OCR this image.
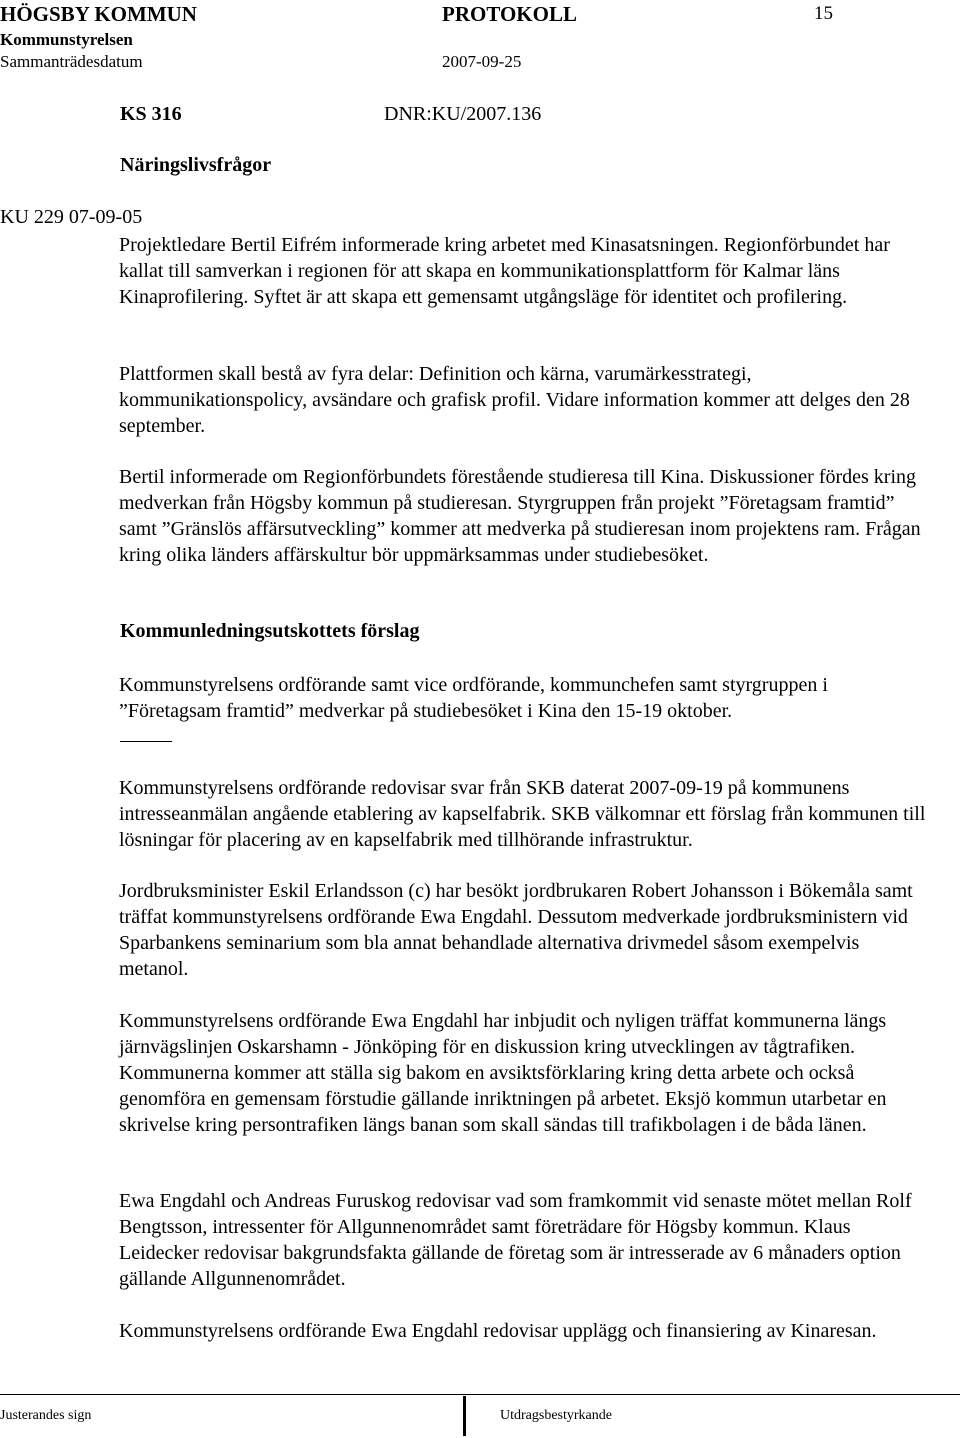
HÖGSBY KOMMUN	PROTOKOLL	15
Kommunstyrelsen
Sammanträdesdatum	2007-09-25
KS 316	DNR:KU/2007.136
Näringslivsfrågor
KU 229 07-09-05
Projektledare Bertil Eifrém informerade kring arbetet med Kinasatsningen. Regionförbundet har kallat till samverkan i regionen för att skapa en kommunikationsplattform för Kalmar läns Kinaprofilering. Syftet är att skapa ett gemensamt utgångsläge för identitet och profilering.
Plattformen skall bestå av fyra delar: Definition och kärna, varumärkesstrategi, kommunikationspolicy, avsändare och grafisk profil. Vidare information kommer att delges den 28 september.
Bertil informerade om Regionförbundets förestående studieresa till Kina. Diskussioner fördes kring medverkan från Högsby kommun på studieresan. Styrgruppen från projekt ”Företagsam framtid” samt ”Gränslös affärsutveckling” kommer att medverka på studieresan inom projektens ram. Frågan kring olika länders affärskultur bör uppmärksammas under studiebesöket.
Kommunledningsutskottets förslag
Kommunstyrelsens ordförande samt vice ordförande, kommunchefen samt styrgruppen i ”Företagsam framtid” medverkar på studiebesöket i Kina den 15-19 oktober.
Kommunstyrelsens ordförande redovisar svar från SKB daterat 2007-09-19 på kommunens intresseanmälan angående etablering av kapselfabrik. SKB välkomnar ett förslag från kommunen till lösningar för placering av en kapselfabrik med tillhörande infrastruktur.
Jordbruksminister Eskil Erlandsson (c) har besökt jordbrukaren Robert Johansson i Bökemåla samt träffat kommunstyrelsens ordförande Ewa Engdahl. Dessutom medverkade jordbruksministern vid Sparbankens seminarium som bla annat behandlade alternativa drivmedel såsom exempelvis metanol.
Kommunstyrelsens ordförande Ewa Engdahl har inbjudit och nyligen träffat kommunerna längs järnvägslinjen Oskarshamn - Jönköping för en diskussion kring utvecklingen av tågtrafiken. Kommunerna kommer att ställa sig bakom en avsiktsförklaring kring detta arbete och också genomföra en gemensam förstudie gällande inriktningen på arbetet. Eksjö kommun utarbetar en skrivelse kring persontrafiken längs banan som skall sändas till trafikbolagen i de båda länen.
Ewa Engdahl och Andreas Furuskog redovisar vad som framkommit vid senaste mötet mellan Rolf Bengtsson, intressenter för Allgunnenområdet samt företrädare för Högsby kommun. Klaus Leidecker redovisar bakgrundsfakta gällande de företag som är intresserade av 6 månaders option gällande Allgunnenområdet.
Kommunstyrelsens ordförande Ewa Engdahl redovisar upplägg och finansiering av Kinaresan.
Justerandes sign	Utdragsbestyrkande
